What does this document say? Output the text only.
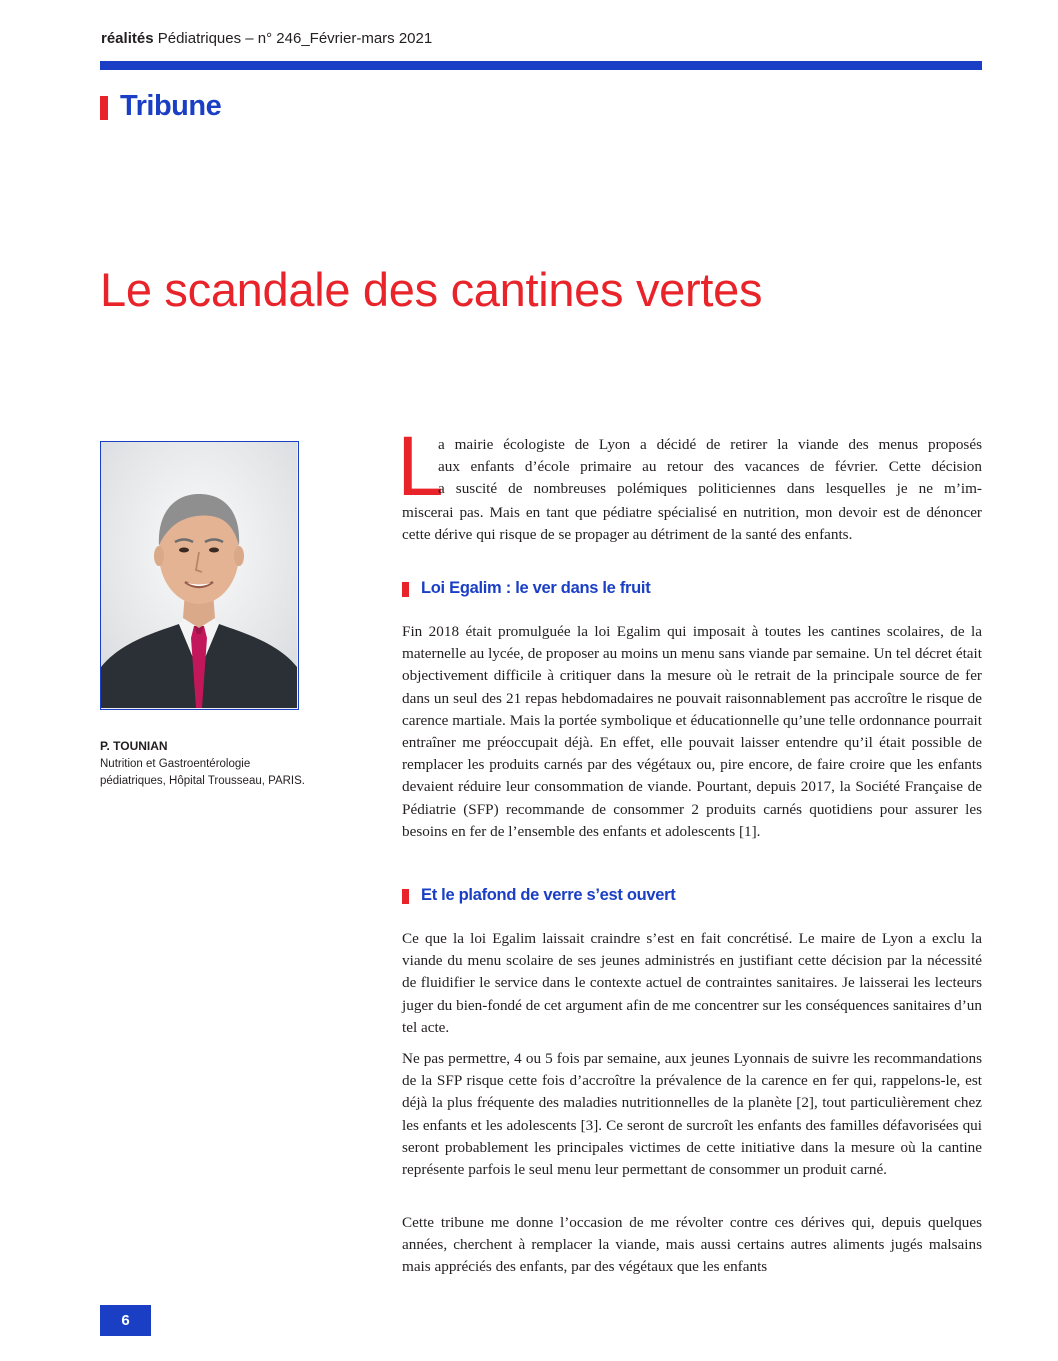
réalités Pédiatriques – n° 246_Février-mars 2021
Tribune
Le scandale des cantines vertes
P. TOUNIAN
Nutrition et Gastroentérologie
pédiatriques, Hôpital Trousseau, PARIS.
L
a mairie écologiste de Lyon a décidé de retirer la viande des menus proposés
aux enfants d’école primaire au retour des vacances de février. Cette décision
a suscité de nombreuses polémiques politiciennes dans lesquelles je ne m’im-
miscerai pas. Mais en tant que pédiatre spécialisé en nutrition, mon devoir est de dénoncer cette dérive qui risque de se propager au détriment de la santé des enfants.
Loi Egalim : le ver dans le fruit
Fin 2018 était promulguée la loi Egalim qui imposait à toutes les cantines scolaires, de la maternelle au lycée, de proposer au moins un menu sans viande par semaine. Un tel décret était objectivement difficile à critiquer dans la mesure où le retrait de la principale source de fer dans un seul des 21 repas hebdomadaires ne pouvait raisonnablement pas accroître le risque de carence martiale. Mais la portée symbolique et éducationnelle qu’une telle ordonnance pourrait entraîner me préoccupait déjà. En effet, elle pouvait laisser entendre qu’il était possible de remplacer les produits carnés par des végétaux ou, pire encore, de faire croire que les enfants devaient réduire leur consommation de viande. Pourtant, depuis 2017, la Société Française de Pédiatrie (SFP) recommande de consommer 2 produits carnés quotidiens pour assurer les besoins en fer de l’ensemble des enfants et adolescents [1].
Et le plafond de verre s’est ouvert
Ce que la loi Egalim laissait craindre s’est en fait concrétisé. Le maire de Lyon a exclu la viande du menu scolaire de ses jeunes administrés en justifiant cette décision par la nécessité de fluidifier le service dans le contexte actuel de contraintes sanitaires. Je laisserai les lecteurs juger du bien-fondé de cet argument afin de me concentrer sur les conséquences sanitaires d’un tel acte.
Ne pas permettre, 4 ou 5 fois par semaine, aux jeunes Lyonnais de suivre les recommandations de la SFP risque cette fois d’accroître la prévalence de la carence en fer qui, rappelons-le, est déjà la plus fréquente des maladies nutritionnelles de la planète [2], tout particulièrement chez les enfants et les adolescents [3]. Ce seront de surcroît les enfants des familles défavorisées qui seront probablement les principales victimes de cette initiative dans la mesure où la cantine représente parfois le seul menu leur permettant de consommer un produit carné.
Cette tribune me donne l’occasion de me révolter contre ces dérives qui, depuis quelques années, cherchent à remplacer la viande, mais aussi certains autres aliments jugés malsains mais appréciés des enfants, par des végétaux que les enfants
6
